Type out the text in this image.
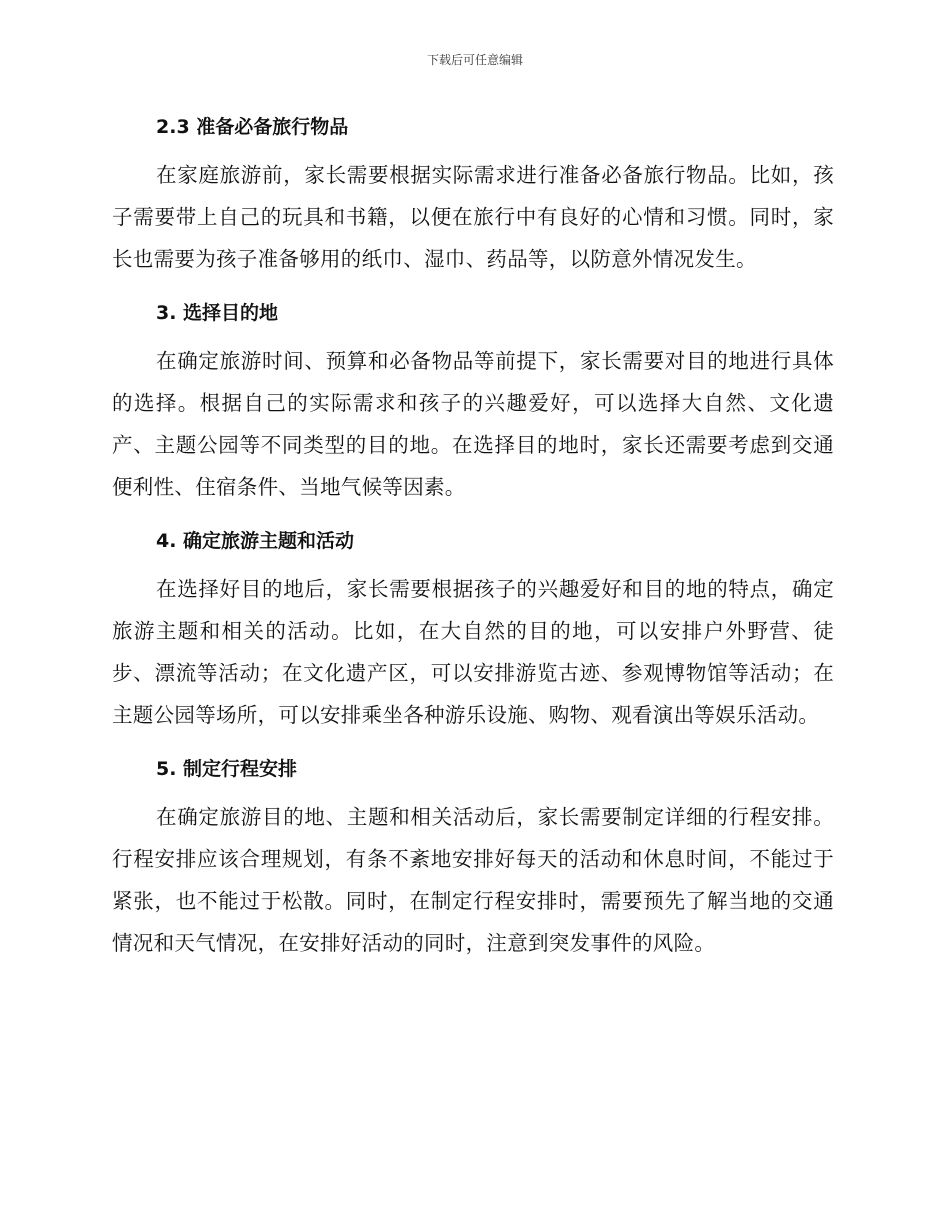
下载后可任意编辑
2.3 准备必备旅行物品

在家庭旅游前，家长需要根据实际需求进行准备必备旅行物品。比如，孩子需要带上自己的玩具和书籍，以便在旅行中有良好的心情和习惯。同时，家长也需要为孩子准备够用的纸巾、湿巾、药品等，以防意外情况发生。

3. 选择目的地

在确定旅游时间、预算和必备物品等前提下，家长需要对目的地进行具体的选择。根据自己的实际需求和孩子的兴趣爱好，可以选择大自然、文化遗产、主题公园等不同类型的目的地。在选择目的地时，家长还需要考虑到交通便利性、住宿条件、当地气候等因素。

4. 确定旅游主题和活动

在选择好目的地后，家长需要根据孩子的兴趣爱好和目的地的特点，确定旅游主题和相关的活动。比如，在大自然的目的地，可以安排户外野营、徒步、漂流等活动；在文化遗产区，可以安排游览古迹、参观博物馆等活动；在主题公园等场所，可以安排乘坐各种游乐设施、购物、观看演出等娱乐活动。

5. 制定行程安排

在确定旅游目的地、主题和相关活动后，家长需要制定详细的行程安排。行程安排应该合理规划，有条不紊地安排好每天的活动和休息时间，不能过于紧张，也不能过于松散。同时，在制定行程安排时，需要预先了解当地的交通情况和天气情况，在安排好活动的同时，注意到突发事件的风险。
